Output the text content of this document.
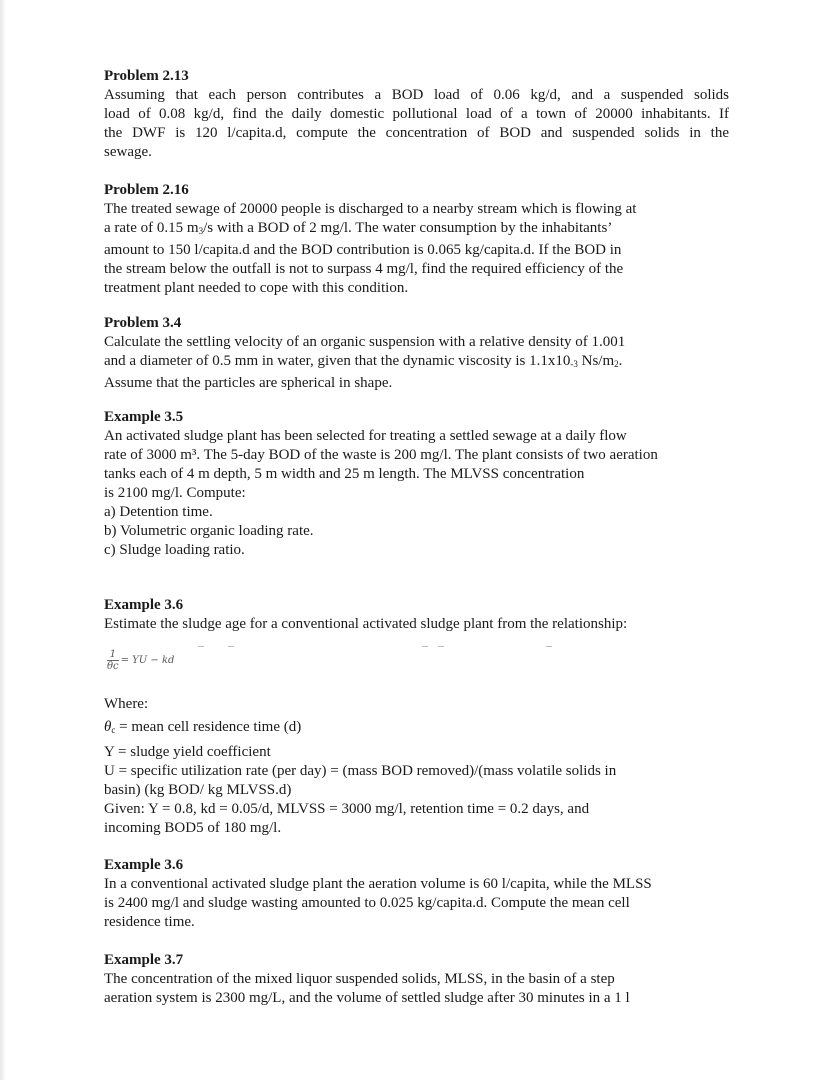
Problem 2.13
Assuming that each person contributes a BOD load of 0.06 kg/d, and a suspended solids
load of 0.08 kg/d, find the daily domestic pollutional load of a town of 20000 inhabitants. If
the DWF is 120 l/capita.d, compute the concentration of BOD and suspended solids in the
sewage.
Problem 2.16
The treated sewage of 20000 people is discharged to a nearby stream which is flowing at
a rate of 0.15 $m_3/s$ with a BOD of 2 mg/l. The water consumption by the inhabitants’
amount to 150 l/capita.d and the BOD contribution is 0.065 kg/capita.d. If the BOD in
the stream below the outfall is not to surpass 4 mg/l, find the required efficiency of the
treatment plant needed to cope with this condition.
Problem 3.4
Calculate the settling velocity of an organic suspension with a relative density of 1.001
and a diameter of 0.5 mm in water, given that the dynamic viscosity is $1.1x10_{-3}$ $Ns/m_2$.
Assume that the particles are spherical in shape.
Example 3.5
An activated sludge plant has been selected for treating a settled sewage at a daily flow
rate of 3000 m³. The 5-day BOD of the waste is 200 mg/l. The plant consists of two aeration
tanks each of 4 m depth, 5 m width and 25 m length. The MLVSS concentration
is 2100 mg/l. Compute:
a) Detention time.
b) Volumetric organic loading rate.
c) Sludge loading ratio.
Example 3.6
Estimate the sludge age for a conventional activated sludge plant from the relationship:
$\frac{1}{\theta c}$ = YU − kd
Where:
$\theta_c$ = mean cell residence time (d)
Y = sludge yield coefficient
U = specific utilization rate (per day) = (mass BOD removed)/(mass volatile solids in
basin) (kg BOD/ kg MLVSS.d)
Given: Y = 0.8, kd = 0.05/d, MLVSS = 3000 mg/l, retention time = 0.2 days, and
incoming BOD5 of 180 mg/l.
Example 3.6
In a conventional activated sludge plant the aeration volume is 60 l/capita, while the MLSS
is 2400 mg/l and sludge wasting amounted to 0.025 kg/capita.d. Compute the mean cell
residence time.
Example 3.7
The concentration of the mixed liquor suspended solids, MLSS, in the basin of a step
aeration system is 2300 mg/L, and the volume of settled sludge after 30 minutes in a 1 l
